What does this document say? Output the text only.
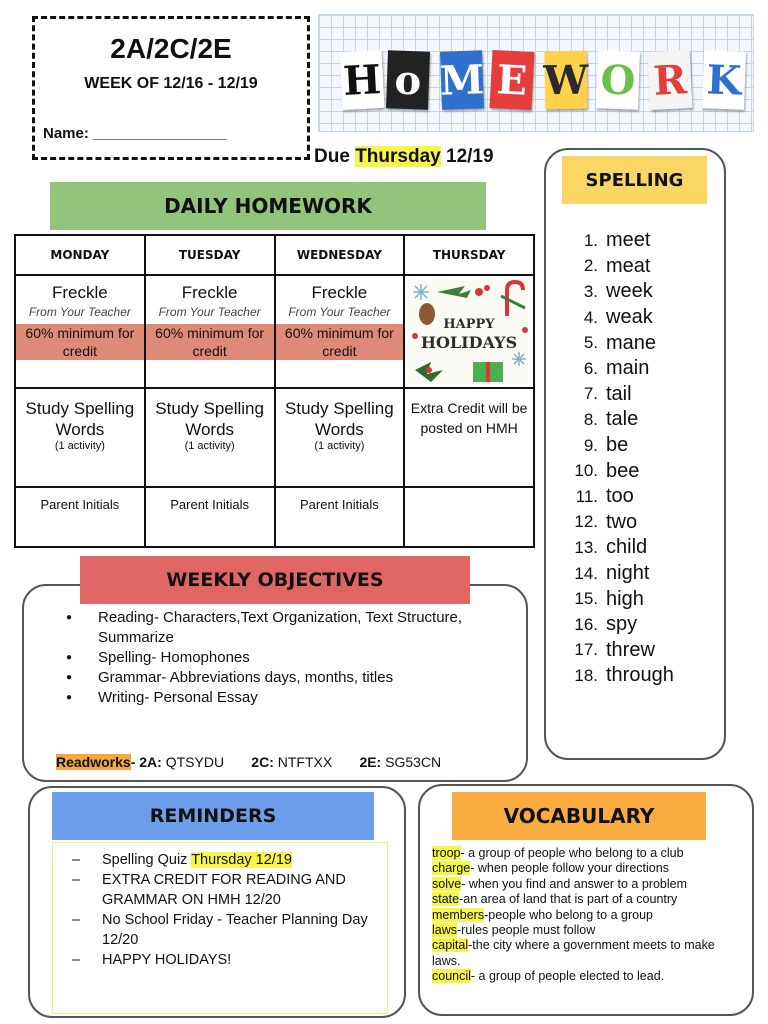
2A/2C/2E
WEEK OF 12/16 - 12/19
Name: ________________
H o M E W O R K
Due Thursday 12/19
DAILY HOMEWORK
MONDAY	TUESDAY	WEDNESDAY	THURSDAY

Freckle
From Your Teacher
60% minimum for credit	Freckle
From Your Teacher
60% minimum for credit	Freckle
From Your Teacher
60% minimum for credit	HAPPY
HOLIDAYS

Study Spelling Words
(1 activity)	Study Spelling Words
(1 activity)	Study Spelling Words
(1 activity)	Extra Credit will be posted on HMH

Parent Initials	Parent Initials	Parent Initials	

SPELLING
1. meet
2. meat
3. week
4. weak
5. mane
6. main
7. tail
8. tale
9. be
10. bee
11. too
12. two
13. child
14. night
15. high
16. spy
17. threw
18. through
WEEKLY OBJECTIVES
● Reading- Characters,Text Organization, Text Structure, Summarize
● Spelling- Homophones
● Grammar- Abbreviations days, months, titles
● Writing- Personal Essay
Readworks- 2A: QTSYDU 2C: NTFTXX 2E: SG53CN
REMINDERS
– Spelling Quiz Thursday 12/19
– EXTRA CREDIT FOR READING AND GRAMMAR ON HMH 12/20
– No School Friday - Teacher Planning Day 12/20
– HAPPY HOLIDAYS!
VOCABULARY
troop- a group of people who belong to a club
charge- when people follow your directions
solve- when you find and answer to a problem
state-an area of land that is part of a country
members-people who belong to a group
laws-rules people must follow
capital-the city where a government meets to make laws.
council- a group of people elected to lead.
